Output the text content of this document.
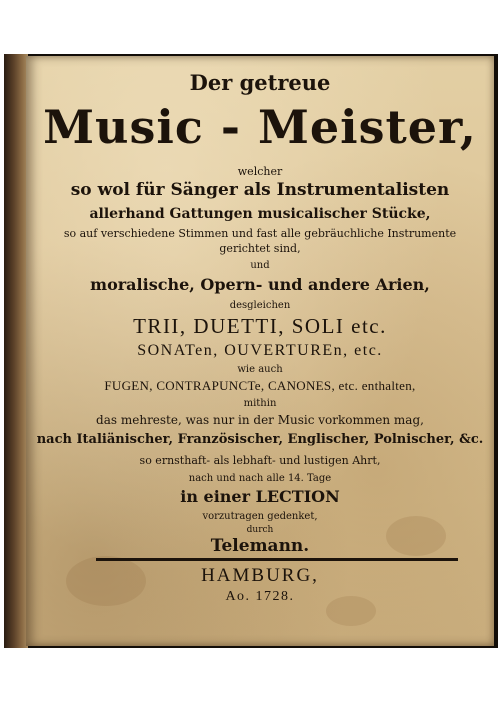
Der getreue
Music - Meister,
welcher
so wol für Sänger als Instrumentalisten
allerhand Gattungen musicalischer Stücke,
so auf verschiedene Stimmen und fast alle gebräuchliche Instrumente
gerichtet sind,
und
moralische, Opern- und andere Arien,
desgleichen
TRII, DUETTI, SOLI etc.
SONATen, OUVERTUREn, etc.
wie auch
FUGEN, CONTRAPUNCTe, CANONES, etc. enthalten,
mithin
das mehreste, was nur in der Music vorkommen mag,
nach Italiänischer, Französischer, Englischer, Polnischer, &c.
so ernsthaft- als lebhaft- und lustigen Ahrt,
nach und nach alle 14. Tage
in einer LECTION
vorzutragen gedenket,
durch
Telemann.
HAMBURG,
Ao. 1728.
